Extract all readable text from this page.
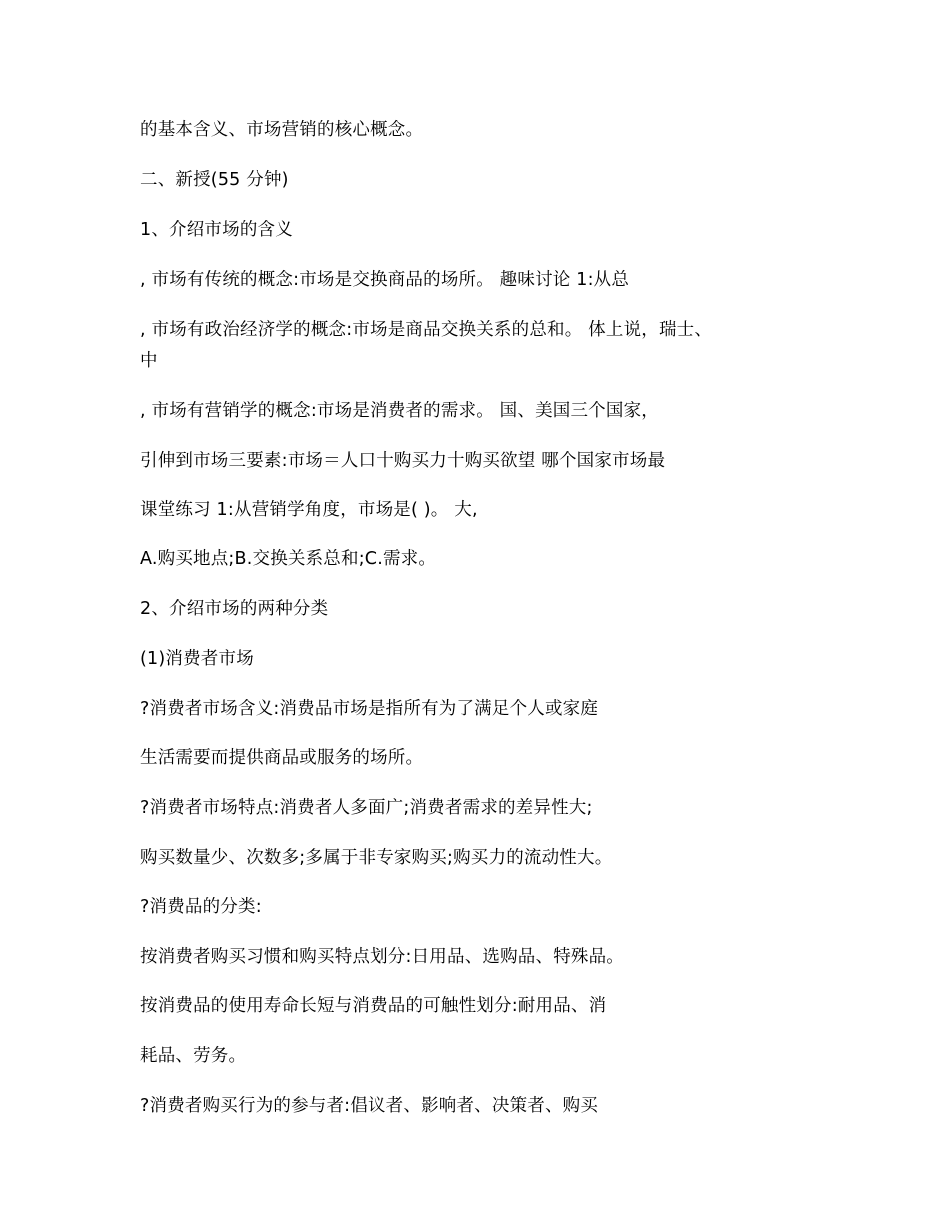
的基本含义、市场营销的核心概念。
二、新授(55 分钟)
1、介绍市场的含义
, 市场有传统的概念:市场是交换商品的场所。 趣味讨论 1:从总
, 市场有政治经济学的概念:市场是商品交换关系的总和。 体上说，瑞士、
中
, 市场有营销学的概念:市场是消费者的需求。 国、美国三个国家，
引伸到市场三要素:市场＝人口十购买力十购买欲望 哪个国家市场最
课堂练习 1:从营销学角度，市场是( )。 大,
A.购买地点;B.交换关系总和;C.需求。
2、介绍市场的两种分类
(1)消费者市场
?消费者市场含义:消费品市场是指所有为了满足个人或家庭
生活需要而提供商品或服务的场所。
?消费者市场特点:消费者人多面广;消费者需求的差异性大;
购买数量少、次数多;多属于非专家购买;购买力的流动性大。
?消费品的分类:
按消费者购买习惯和购买特点划分:日用品、选购品、特殊品。
按消费品的使用寿命长短与消费品的可触性划分:耐用品、消
耗品、劳务。
?消费者购买行为的参与者:倡议者、影响者、决策者、购买
